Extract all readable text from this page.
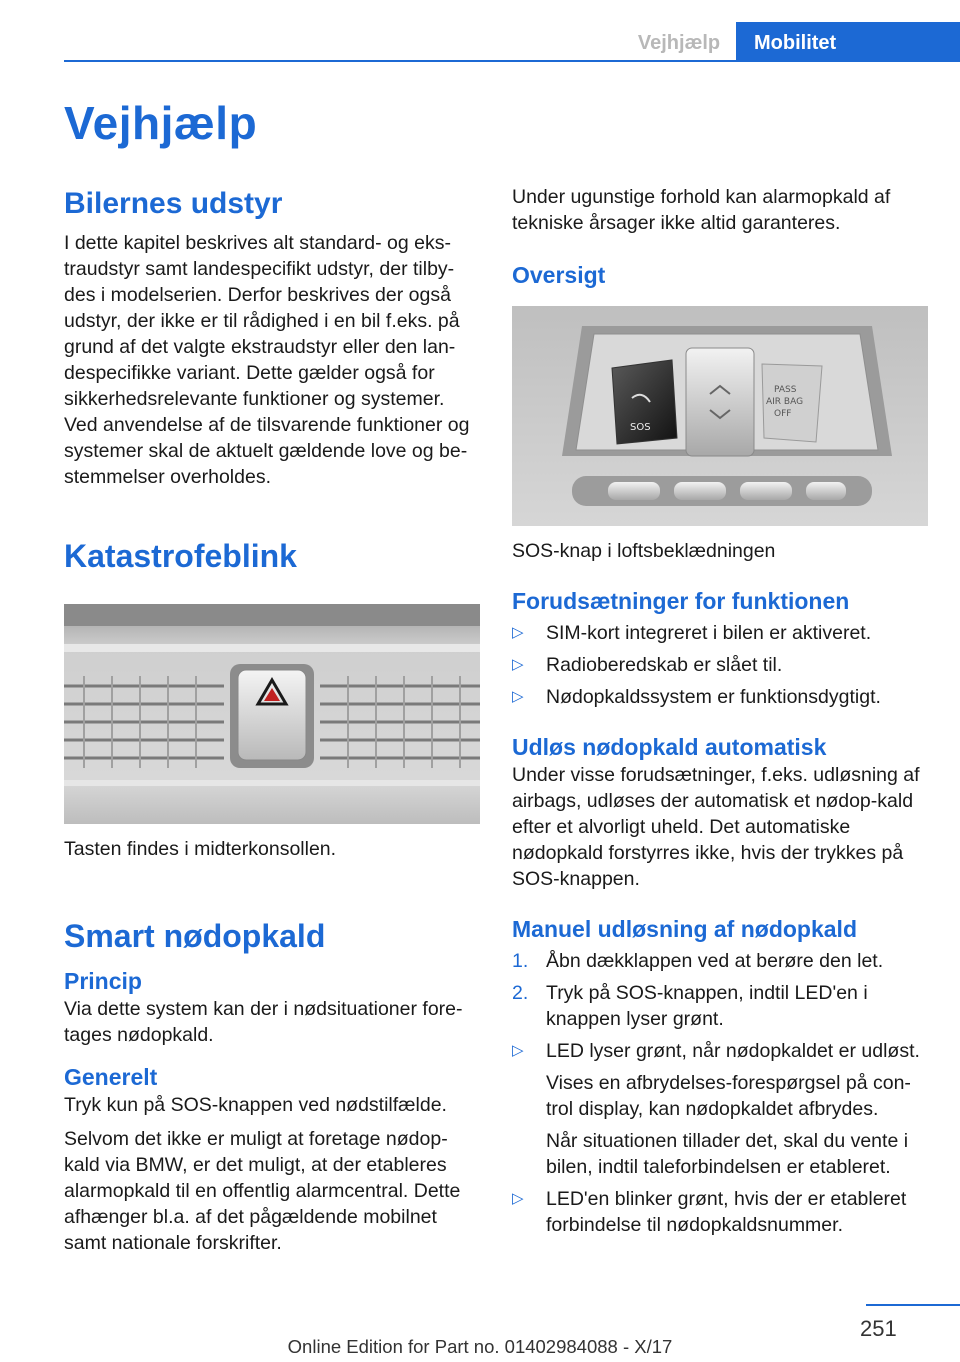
Vejhjælp	Mobilitet
Vejhjælp
Bilernes udstyr

I dette kapitel beskrives alt standard- og eks-traudstyr samt landespecifikt udstyr, der tilby-des i modelserien. Derfor beskrives der også udstyr, der ikke er til rådighed i en bil f.eks. på grund af det valgte ekstraudstyr eller den lan-despecifikke variant. Dette gælder også for sikkerhedsrelevante funktioner og systemer. Ved anvendelse af de tilsvarende funktioner og systemer skal de aktuelt gældende love og be-stemmelser overholdes.

Katastrofeblink

Tasten findes i midterkonsollen.

Smart nødopkald
Princip

Via dette system kan der i nødsituationer fore-tages nødopkald.

Generelt

Tryk kun på SOS-knappen ved nødstilfælde.

Selvom det ikke er muligt at foretage nødop-kald via BMW, er det muligt, at der etableres alarmopkald til en offentlig alarmcentral. Dette afhænger bl.a. af det pågældende mobilnet samt nationale forskrifter.

Under ugunstige forhold kan alarmopkald af tekniske årsager ikke altid garanteres.

Oversigt
SOS
PASS
AIR BAG
OFF

SOS-knap i loftsbeklædningen

Forudsætninger for funktionen
▷ SIM-kort integreret i bilen er aktiveret.
▷ Radioberedskab er slået til.
▷ Nødopkaldssystem er funktionsdygtigt.
Udløs nødopkald automatisk

Under visse forudsætninger, f.eks. udløsning af airbags, udløses der automatisk et nødop-kald efter et alvorligt uheld. Det automatiske nødopkald forstyrres ikke, hvis der trykkes på SOS-knappen.

Manuel udløsning af nødopkald
1. Åbn dækklappen ved at berøre den let.
2. Tryk på SOS-knappen, indtil LED'en i knappen lyser grønt.
▷ LED lyser grønt, når nødopkaldet er udløst.

Vises en afbrydelses-forespørgsel på con-trol display, kan nødopkaldet afbrydes.

Når situationen tillader det, skal du vente i bilen, indtil taleforbindelsen er etableret.

▷ LED'en blinker grønt, hvis der er etableret forbindelse til nødopkaldsnummer.
251
Online Edition for Part no. 01402984088 - X/17
